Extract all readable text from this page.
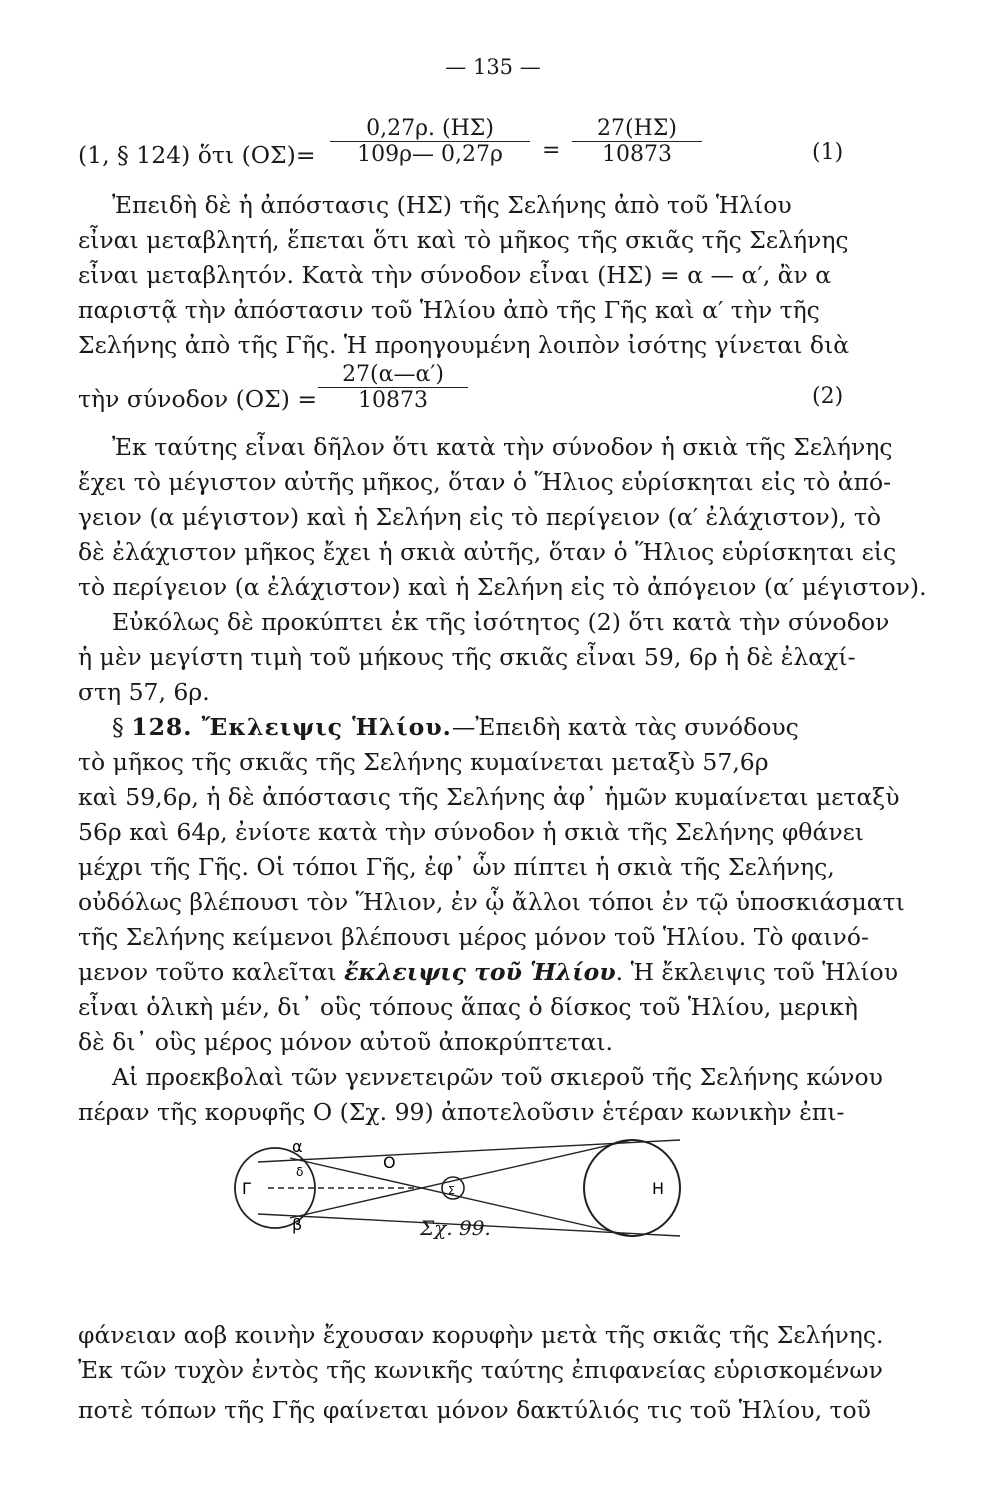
— 135 —
(1, § 124) ὅτι $(O\Sigma)= \frac{0,27\rho. (H\Sigma)}{109\rho— 0,27\rho} = \frac{27(H\Sigma)}{10873}$	(1)
Ἐπειδὴ δὲ ἡ ἀπόστασις (ΗΣ) τῆς Σελήνης ἀπὸ τοῦ Ἡλίου
εἶναι μεταβλητή, ἕπεται ὅτι καὶ τὸ μῆκος τῆς σκιᾶς τῆς Σελήνης
εἶναι μεταβλητόν. Κατὰ τὴν σύνοδον εἶναι (ΗΣ) = α — α′, ἂν α
παριστᾷ τὴν ἀπόστασιν τοῦ Ἡλίου ἀπὸ τῆς Γῆς καὶ α′ τὴν τῆς
Σελήνης ἀπὸ τῆς Γῆς. Ἡ προηγουμένη λοιπὸν ἰσότης γίνεται διὰ
τὴν σύνοδον $(O\Sigma) = \frac{27(\alpha—\alpha')}{10873}$	(2)
Ἐκ ταύτης εἶναι δῆλον ὅτι κατὰ τὴν σύνοδον ἡ σκιὰ τῆς Σελήνης
ἔχει τὸ μέγιστον αὐτῆς μῆκος, ὅταν ὁ Ἥλιος εὑρίσκηται εἰς τὸ ἀπό-
γειον (α μέγιστον) καὶ ἡ Σελήνη εἰς τὸ περίγειον (α′ ἐλάχιστον), τὸ
δὲ ἐλάχιστον μῆκος ἔχει ἡ σκιὰ αὐτῆς, ὅταν ὁ Ἥλιος εὑρίσκηται εἰς
τὸ περίγειον (α ἐλάχιστον) καὶ ἡ Σελήνη εἰς τὸ ἀπόγειον (α′ μέγιστον).
Εὐκόλως δὲ προκύπτει ἐκ τῆς ἰσότητος (2) ὅτι κατὰ τὴν σύνοδον
ἡ μὲν μεγίστη τιμὴ τοῦ μήκους τῆς σκιᾶς εἶναι 59, 6ρ ἡ δὲ ἐλαχί-
στη 57, 6ρ.
§ 128. Ἔκλειψις Ἡλίου.—Ἐπειδὴ κατὰ τὰς συνόδους
τὸ μῆκος τῆς σκιᾶς τῆς Σελήνης κυμαίνεται μεταξὺ 57,6ρ
καὶ 59,6ρ, ἡ δὲ ἀπόστασις τῆς Σελήνης ἀφ᾽ ἡμῶν κυμαίνεται μεταξὺ
56ρ καὶ 64ρ, ἐνίοτε κατὰ τὴν σύνοδον ἡ σκιὰ τῆς Σελήνης φθάνει
μέχρι τῆς Γῆς. Οἱ τόποι Γῆς, ἐφ᾽ ὧν πίπτει ἡ σκιὰ τῆς Σελήνης,
οὐδόλως βλέπουσι τὸν Ἥλιον, ἐν ᾧ ἄλλοι τόποι ἐν τῷ ὑποσκιάσματι
τῆς Σελήνης κείμενοι βλέπουσι μέρος μόνον τοῦ Ἡλίου. Τὸ φαινό-
μενον τοῦτο καλεῖται ἔκλειψις τοῦ Ἡλίου. Ἡ ἔκλειψις τοῦ Ἡλίου
εἶναι ὁλικὴ μέν, δι᾽ οὓς τόπους ἅπας ὁ δίσκος τοῦ Ἡλίου, μερικὴ
δὲ δι᾽ οὓς μέρος μόνον αὐτοῦ ἀποκρύπτεται.
Αἱ προεκβολαὶ τῶν γεννετειρῶν τοῦ σκιεροῦ τῆς Σελήνης κώνου
πέραν τῆς κορυφῆς Ο (Σχ. 99) ἀποτελοῦσιν ἑτέραν κωνικὴν ἐπι-
Γ
α
δ
β
Ο
Σ	Η
Σχ. 99.
φάνειαν αοβ κοινὴν ἔχουσαν κορυφὴν μετὰ τῆς σκιᾶς τῆς Σελήνης.
Ἐκ τῶν τυχὸν ἐντὸς τῆς κωνικῆς ταύτης ἐπιφανείας εὑρισκομένων
ποτὲ τόπων τῆς Γῆς φαίνεται μόνον δακτύλιός τις τοῦ Ἡλίου, τοῦ
